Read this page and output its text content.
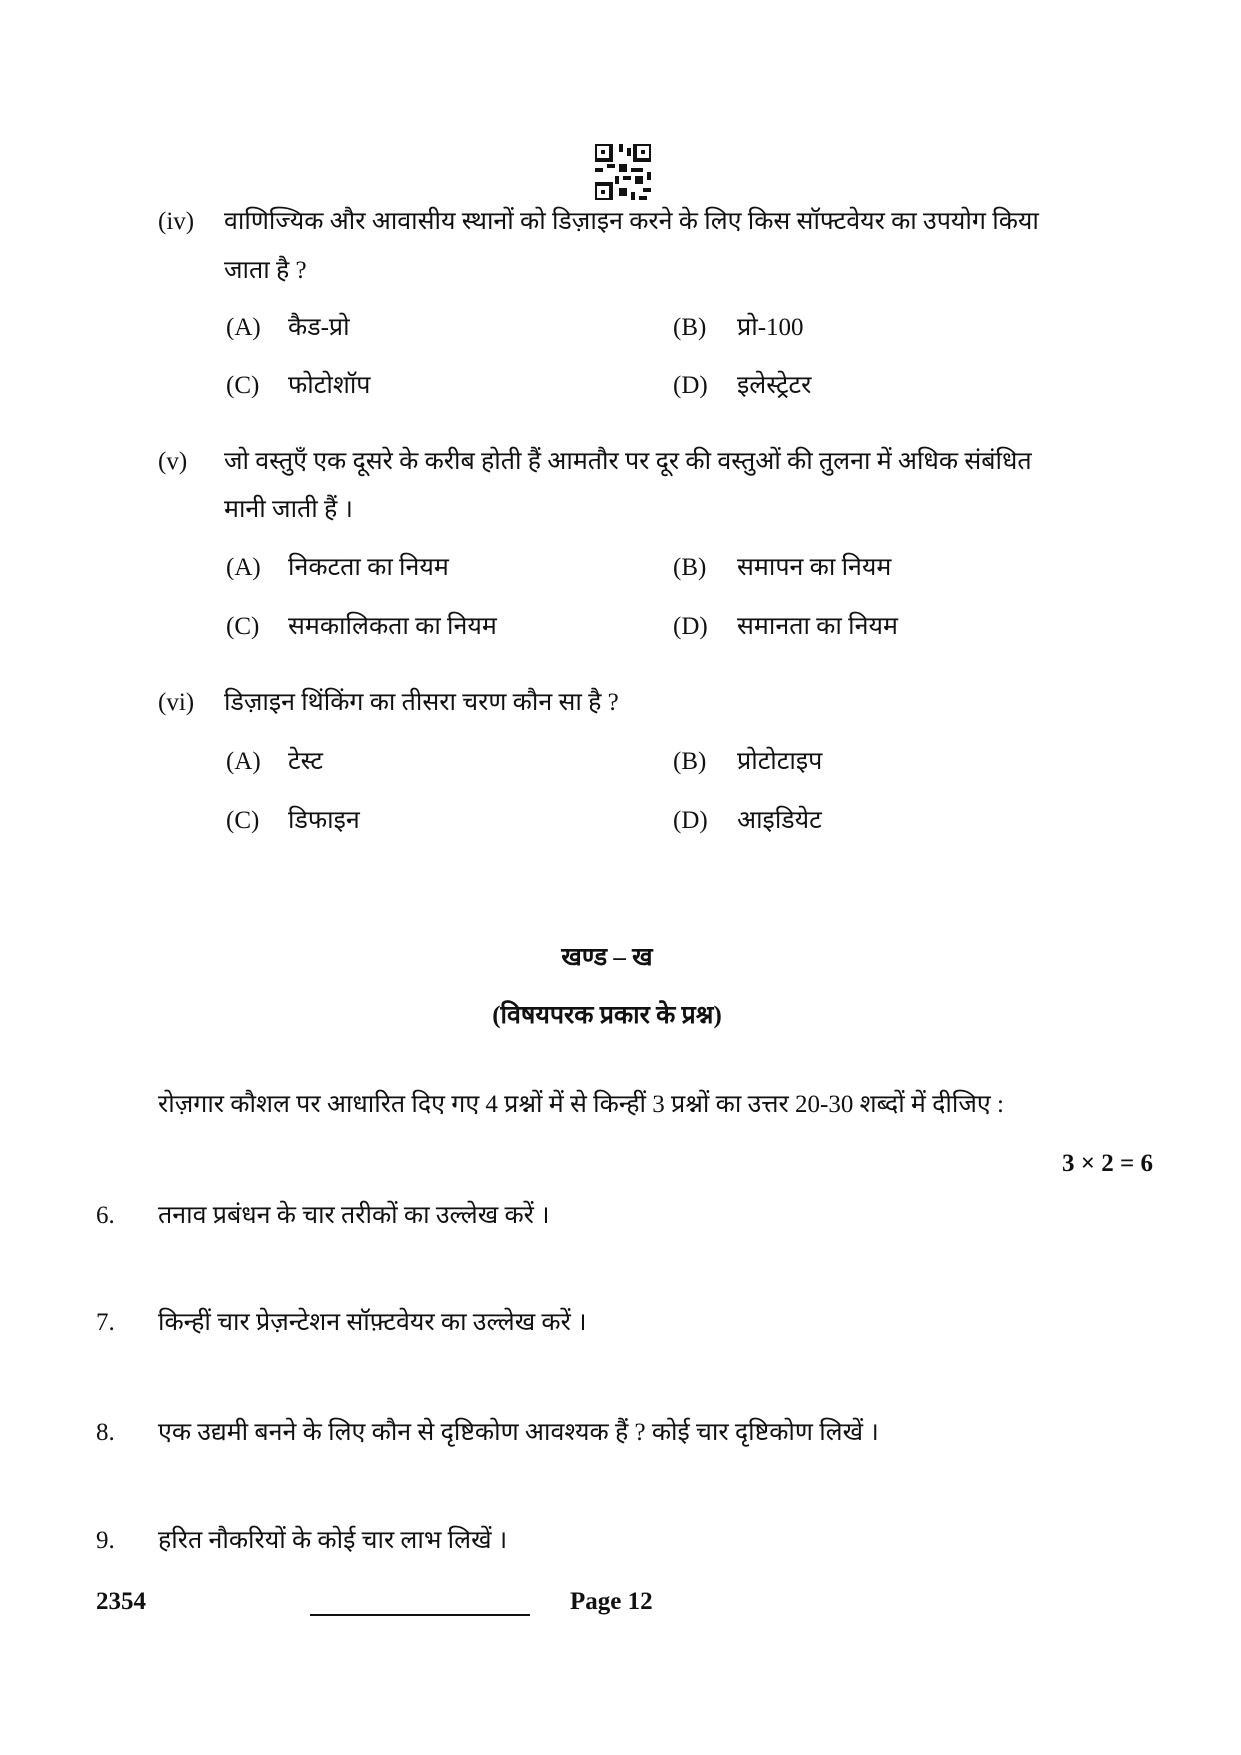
(iv) वाणिज्यिक और आवासीय स्थानों को डिज़ाइन करने के लिए किस सॉफ्टवेयर का उपयोग किया
जाता है ?
(A) कैड-प्रो	(B) प्रो-100
(C) फोटोशॉप	(D) इलेस्ट्रेटर
(v) जो वस्तुएँ एक दूसरे के करीब होती हैं आमतौर पर दूर की वस्तुओं की तुलना में अधिक संबंधित
मानी जाती हैं ।
(A) निकटता का नियम	(B) समापन का नियम
(C) समकालिकता का नियम	(D) समानता का नियम
(vi) डिज़ाइन थिंकिंग का तीसरा चरण कौन सा है ?
(A) टेस्ट	(B) प्रोटोटाइप
(C) डिफाइन	(D) आइडियेट
खण्ड – ख
(विषयपरक प्रकार के प्रश्न)
रोज़गार कौशल पर आधारित दिए गए 4 प्रश्नों में से किन्हीं 3 प्रश्नों का उत्तर 20-30 शब्दों में दीजिए :
3 × 2 = 6
6. तनाव प्रबंधन के चार तरीकों का उल्लेख करें ।
7. किन्हीं चार प्रेज़न्टेशन सॉफ़्टवेयर का उल्लेख करें ।
8. एक उद्यमी बनने के लिए कौन से दृष्टिकोण आवश्यक हैं ? कोई चार दृष्टिकोण लिखें ।
9. हरित नौकरियों के कोई चार लाभ लिखें ।
2354	Page 12
